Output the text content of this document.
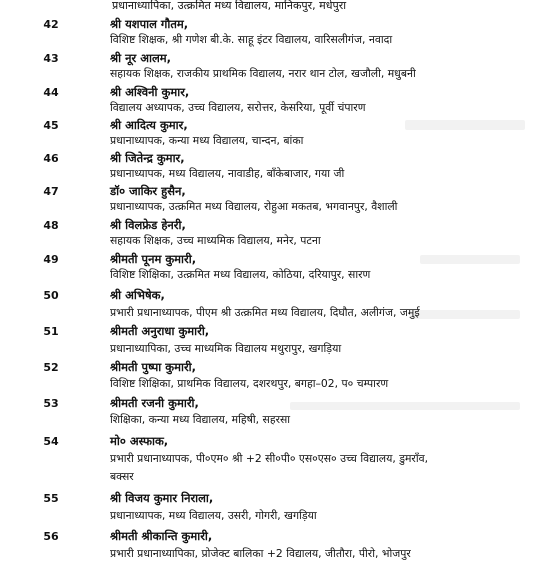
प्रधानाध्यापिका, उत्क्रमित मध्य विद्यालय, मानिकपुर, मधेपुरा
42	श्री यशपाल गौतम,
विशिष्ट शिक्षक, श्री गणेश बी.के. साहू इंटर विद्यालय, वारिसलीगंज, नवादा
43	श्री नूर आलम,
सहायक शिक्षक, राजकीय प्राथमिक विद्यालय, नरार थान टोल, खजौली, मधुबनी
44	श्री अश्विनी कुमार,
विद्यालय अध्यापक, उच्च विद्यालय, सरोत्तर, केसरिया, पूर्वी चंपारण
45	श्री आदित्य कुमार,
प्रधानाध्यापक, कन्या मध्य विद्यालय, चान्दन, बांका
46	श्री जितेन्द्र कुमार,
प्रधानाध्यापक, मध्य विद्यालय, नावाडीह, बाँकेबाजार, गया जी
47	डॉ० जाकिर हुसैन,
प्रधानाध्यापक, उत्क्रमित मध्य विद्यालय, रोहुआ मकतब, भगवानपुर, वैशाली
48	श्री विलफ्रेड हेनरी,
सहायक शिक्षक, उच्च माध्यमिक विद्यालय, मनेर, पटना
49	श्रीमती पूनम कुमारी,
विशिष्ट शिक्षिका, उत्क्रमित मध्य विद्यालय, कोठिया, दरियापुर, सारण
50	श्री अभिषेक,
प्रभारी प्रधानाध्यापक, पीएम श्री उत्क्रमित मध्य विद्यालय, दिघौत, अलीगंज, जमुई
51	श्रीमती अनुराधा कुमारी,
प्रधानाध्यापिका, उच्च माध्यमिक विद्यालय मथुरापुर, खगड़िया
52	श्रीमती पुष्पा कुमारी,
विशिष्ट शिक्षिका, प्राथमिक विद्यालय, दशरथपुर, बगहा–02, प० चम्पारण
53	श्रीमती रजनी कुमारी,
शिक्षिका, कन्या मध्य विद्यालय, महिषी, सहरसा
54	मो० अस्फाक,
प्रभारी प्रधानाध्यापक, पी०एम० श्री +2 सी०पी० एस०एस० उच्च विद्यालय, डुमराँव,
बक्सर
55	श्री विजय कुमार निराला,
प्रधानाध्यापक, मध्य विद्यालय, उसरी, गोगरी, खगड़िया
56	श्रीमती श्रीकान्ति कुमारी,
प्रभारी प्रधानाध्यापिका, प्रोजेक्ट बालिका +2 विद्यालय, जीतौरा, पीरो, भोजपुर
